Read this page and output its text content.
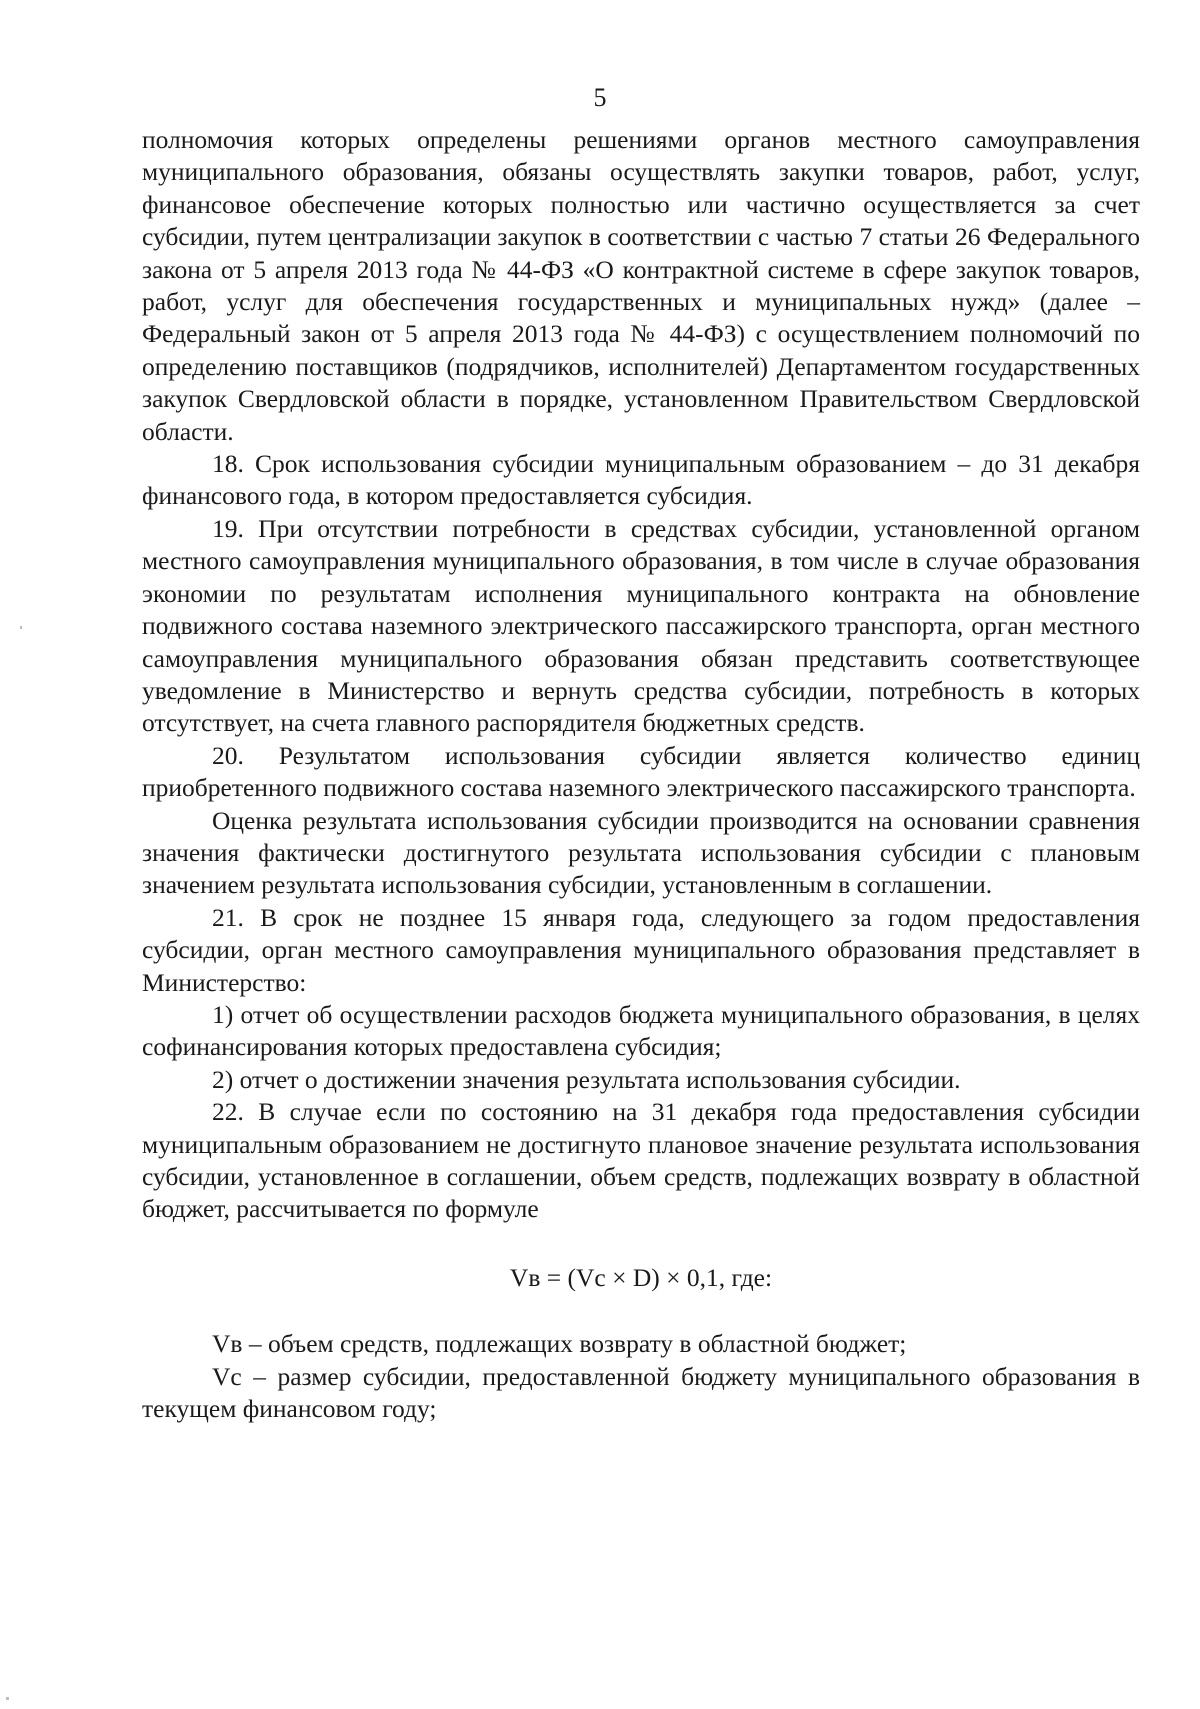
5

полномочия которых определены решениями органов местного самоуправления муниципального образования, обязаны осуществлять закупки товаров, работ, услуг, финансовое обеспечение которых полностью или частично осуществляется за счет субсидии, путем централизации закупок в соответствии с частью 7 статьи 26 Федерального закона от 5 апреля 2013 года № 44-ФЗ «О контрактной системе в сфере закупок товаров, работ, услуг для обеспечения государственных и муниципальных нужд» (далее – Федеральный закон от 5 апреля 2013 года № 44-ФЗ) с осуществлением полномочий по определению поставщиков (подрядчиков, исполнителей) Департаментом государственных закупок Свердловской области в порядке, установленном Правительством Свердловской области.

18. Срок использования субсидии муниципальным образованием – до 31 декабря финансового года, в котором предоставляется субсидия.

19. При отсутствии потребности в средствах субсидии, установленной органом местного самоуправления муниципального образования, в том числе в случае образования экономии по результатам исполнения муниципального контракта на обновление подвижного состава наземного электрического пассажирского транспорта, орган местного самоуправления муниципального образования обязан представить соответствующее уведомление в Министерство и вернуть средства субсидии, потребность в которых отсутствует, на счета главного распорядителя бюджетных средств.

20. Результатом использования субсидии является количество единиц приобретенного подвижного состава наземного электрического пассажирского транспорта.

Оценка результата использования субсидии производится на основании сравнения значения фактически достигнутого результата использования субсидии с плановым значением результата использования субсидии, установленным в соглашении.

21. В срок не позднее 15 января года, следующего за годом предоставления субсидии, орган местного самоуправления муниципального образования представляет в Министерство:

1) отчет об осуществлении расходов бюджета муниципального образования, в целях софинансирования которых предоставлена субсидия;

2) отчет о достижении значения результата использования субсидии.

22. В случае если по состоянию на 31 декабря года предоставления субсидии муниципальным образованием не достигнуто плановое значение результата использования субсидии, установленное в соглашении, объем средств, подлежащих возврату в областной бюджет, рассчитывается по формуле

Vв = (Vс × D) × 0,1, где:

Vв – объем средств, подлежащих возврату в областной бюджет;

Vс – размер субсидии, предоставленной бюджету муниципального образования в текущем финансовом году;
